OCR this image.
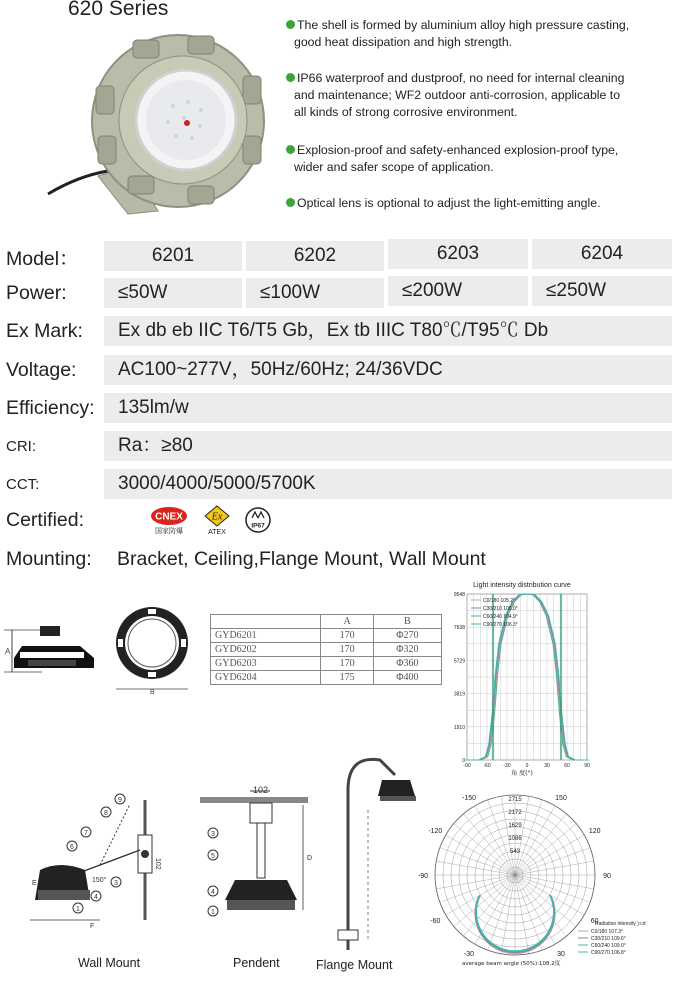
620 Series
The shell is formed by aluminium alloy high pressure casting,
good heat dissipation and high strength.
IP66 waterproof and dustproof, no need for internal cleaning
and maintenance; WF2 outdoor anti-corrosion, applicable to
all kinds of strong corrosive environment.
Explosion-proof and safety-enhanced explosion-proof type,
wider and safer scope of application.
Optical lens is optional to adjust the light-emitting angle.
Model：	6201	6202	6203	6204
Power:	≤50W	≤100W	≤200W	≤250W
Ex Mark:	Ex db eb IIC T6/T5 Gb，Ex tb IIIC T80℃/T95℃ Db
Voltage:	AC100~277V，50Hz/60Hz; 24/36VDC
Efficiency:	135lm/w
CRI:	Ra：≥80
CCT:	3000/4000/5000/5700K
Certified:	CNEX
国家防爆
Ex
ATEX
IP67
Mounting:	Bracket, Ceiling,Flange Mount, Wall Mount
A
B
	A	B
GYD6201	170	Φ270
GYD6202	170	Φ320
GYD6203	170	Φ360
GYD6204	175	Φ400
Light intensity distribution curve
0
1910
3819
5729
7638
9548
-90	-60	-30	0	30	60	90
C0/180 105.2°
C30/210 105.0°
C60/240 104.9°
C90/270 106.3°
角 度(°)
2715
2172
1629
1086
543
-150	150
-120	120
-90	90
-60	60
-30	30
Radiation intensity ):cd
C0/180 107.3°
C30/210 109.6°
C60/240 109.0°
C90/270 106.8°
average beam angle (50%):108.2度
9
8
7
6
4
3
1
150°
102
E
F
Wall Mount
102
D
3
5
4
1
Pendent	Flange Mount
